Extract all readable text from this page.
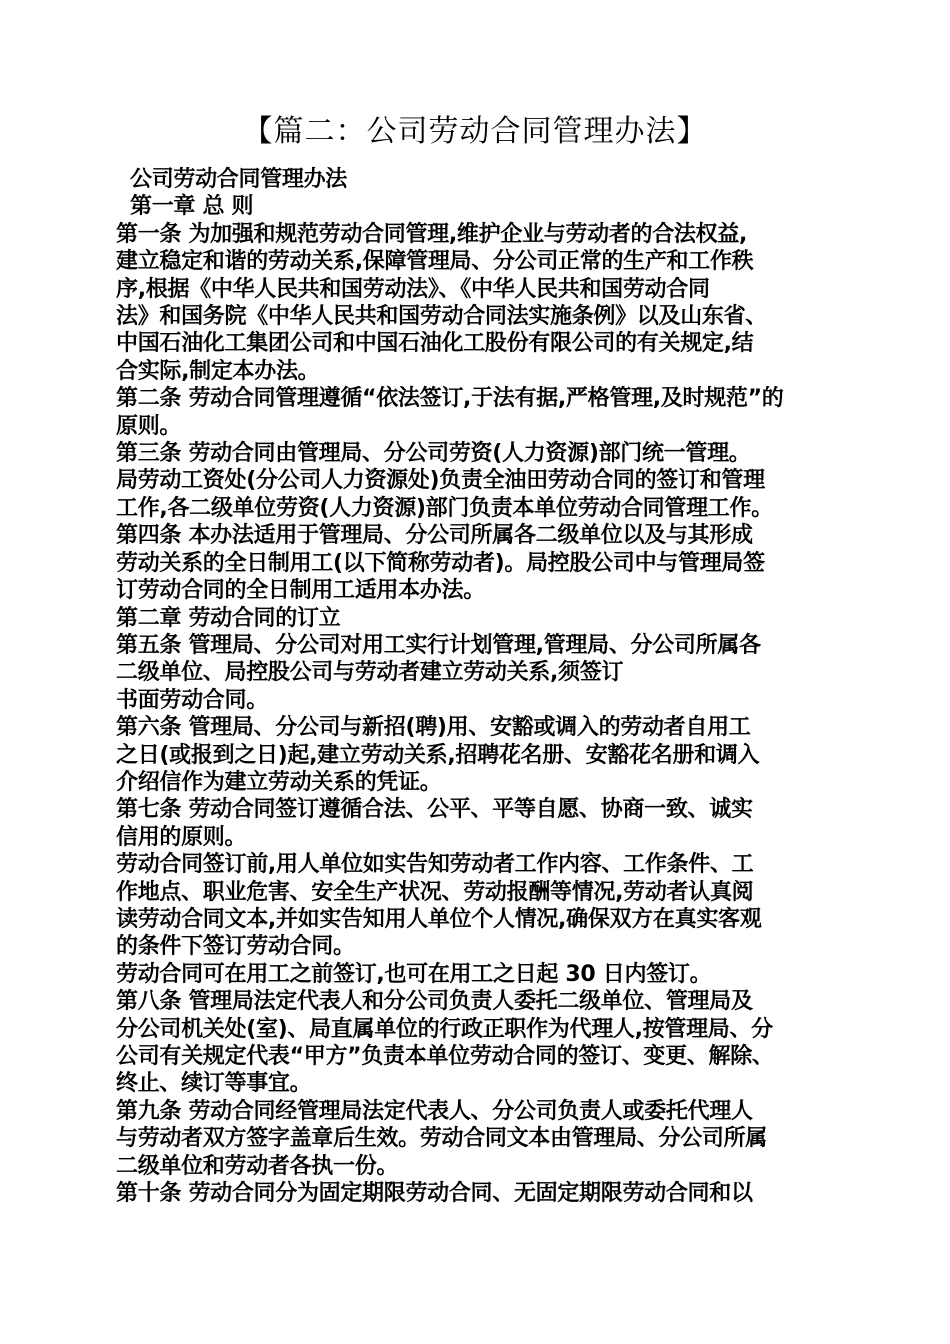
【篇二：公司劳动合同管理办法】

公司劳动合同管理办法

第一章 总 则

第一条 为加强和规范劳动合同管理,维护企业与劳动者的合法权益,

建立稳定和谐的劳动关系,保障管理局、分公司正常的生产和工作秩

序,根据《中华人民共和国劳动法》、《中华人民共和国劳动合同

法》和国务院《中华人民共和国劳动合同法实施条例》以及山东省、

中国石油化工集团公司和中国石油化工股份有限公司的有关规定,结

合实际,制定本办法。

第二条 劳动合同管理遵循“依法签订,于法有据,严格管理,及时规范”的

原则。

第三条 劳动合同由管理局、分公司劳资(人力资源)部门统一管理。

局劳动工资处(分公司人力资源处)负责全油田劳动合同的签订和管理

工作,各二级单位劳资(人力资源)部门负责本单位劳动合同管理工作。

第四条 本办法适用于管理局、分公司所属各二级单位以及与其形成

劳动关系的全日制用工(以下简称劳动者)。局控股公司中与管理局签

订劳动合同的全日制用工适用本办法。

第二章 劳动合同的订立

第五条 管理局、分公司对用工实行计划管理,管理局、分公司所属各

二级单位、局控股公司与劳动者建立劳动关系,须签订

书面劳动合同。

第六条 管理局、分公司与新招(聘)用、安豁或调入的劳动者自用工

之日(或报到之日)起,建立劳动关系,招聘花名册、安豁花名册和调入

介绍信作为建立劳动关系的凭证。

第七条 劳动合同签订遵循合法、公平、平等自愿、协商一致、诚实

信用的原则。

劳动合同签订前,用人单位如实告知劳动者工作内容、工作条件、工

作地点、职业危害、安全生产状况、劳动报酬等情况,劳动者认真阅

读劳动合同文本,并如实告知用人单位个人情况,确保双方在真实客观

的条件下签订劳动合同。

劳动合同可在用工之前签订,也可在用工之日起 30 日内签订。

第八条 管理局法定代表人和分公司负责人委托二级单位、管理局及

分公司机关处(室)、局直属单位的行政正职作为代理人,按管理局、分

公司有关规定代表“甲方”负责本单位劳动合同的签订、变更、解除、

终止、续订等事宜。

第九条 劳动合同经管理局法定代表人、分公司负责人或委托代理人

与劳动者双方签字盖章后生效。劳动合同文本由管理局、分公司所属

二级单位和劳动者各执一份。

第十条 劳动合同分为固定期限劳动合同、无固定期限劳动合同和以
